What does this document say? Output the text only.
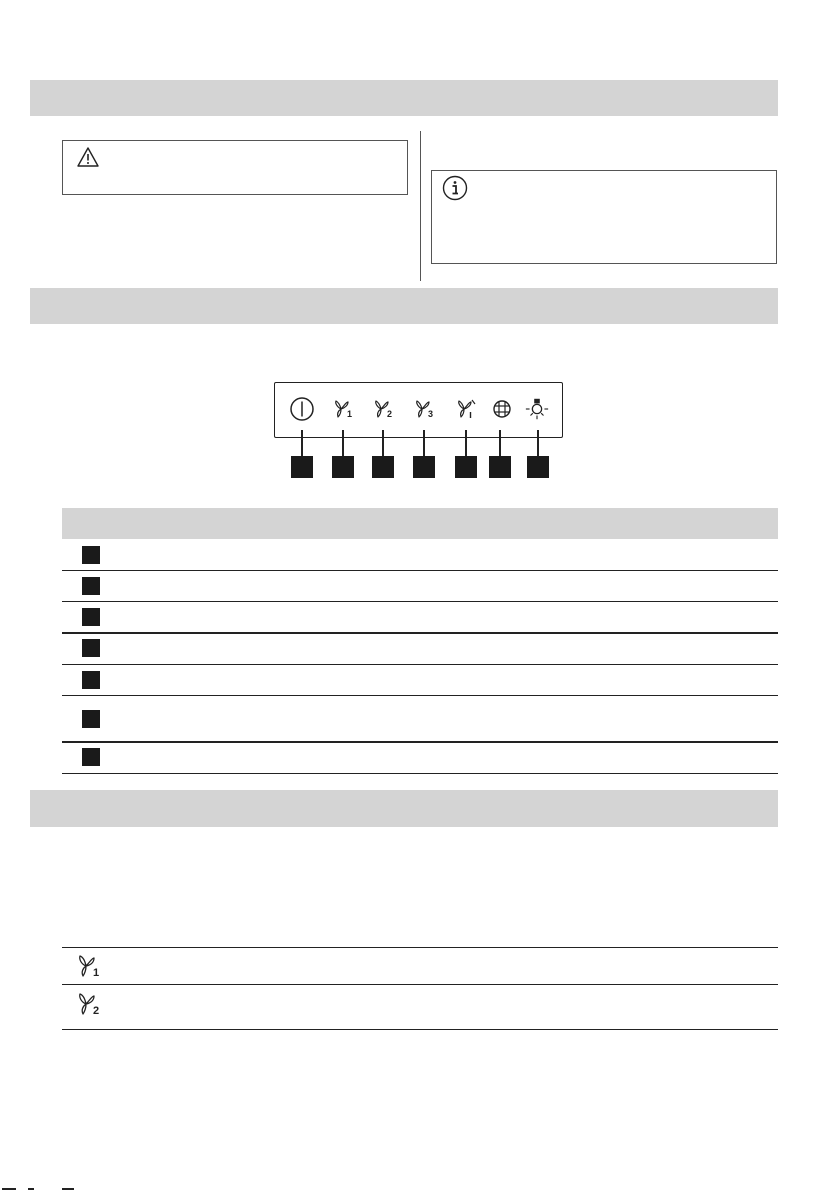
1	2	3
1
2
